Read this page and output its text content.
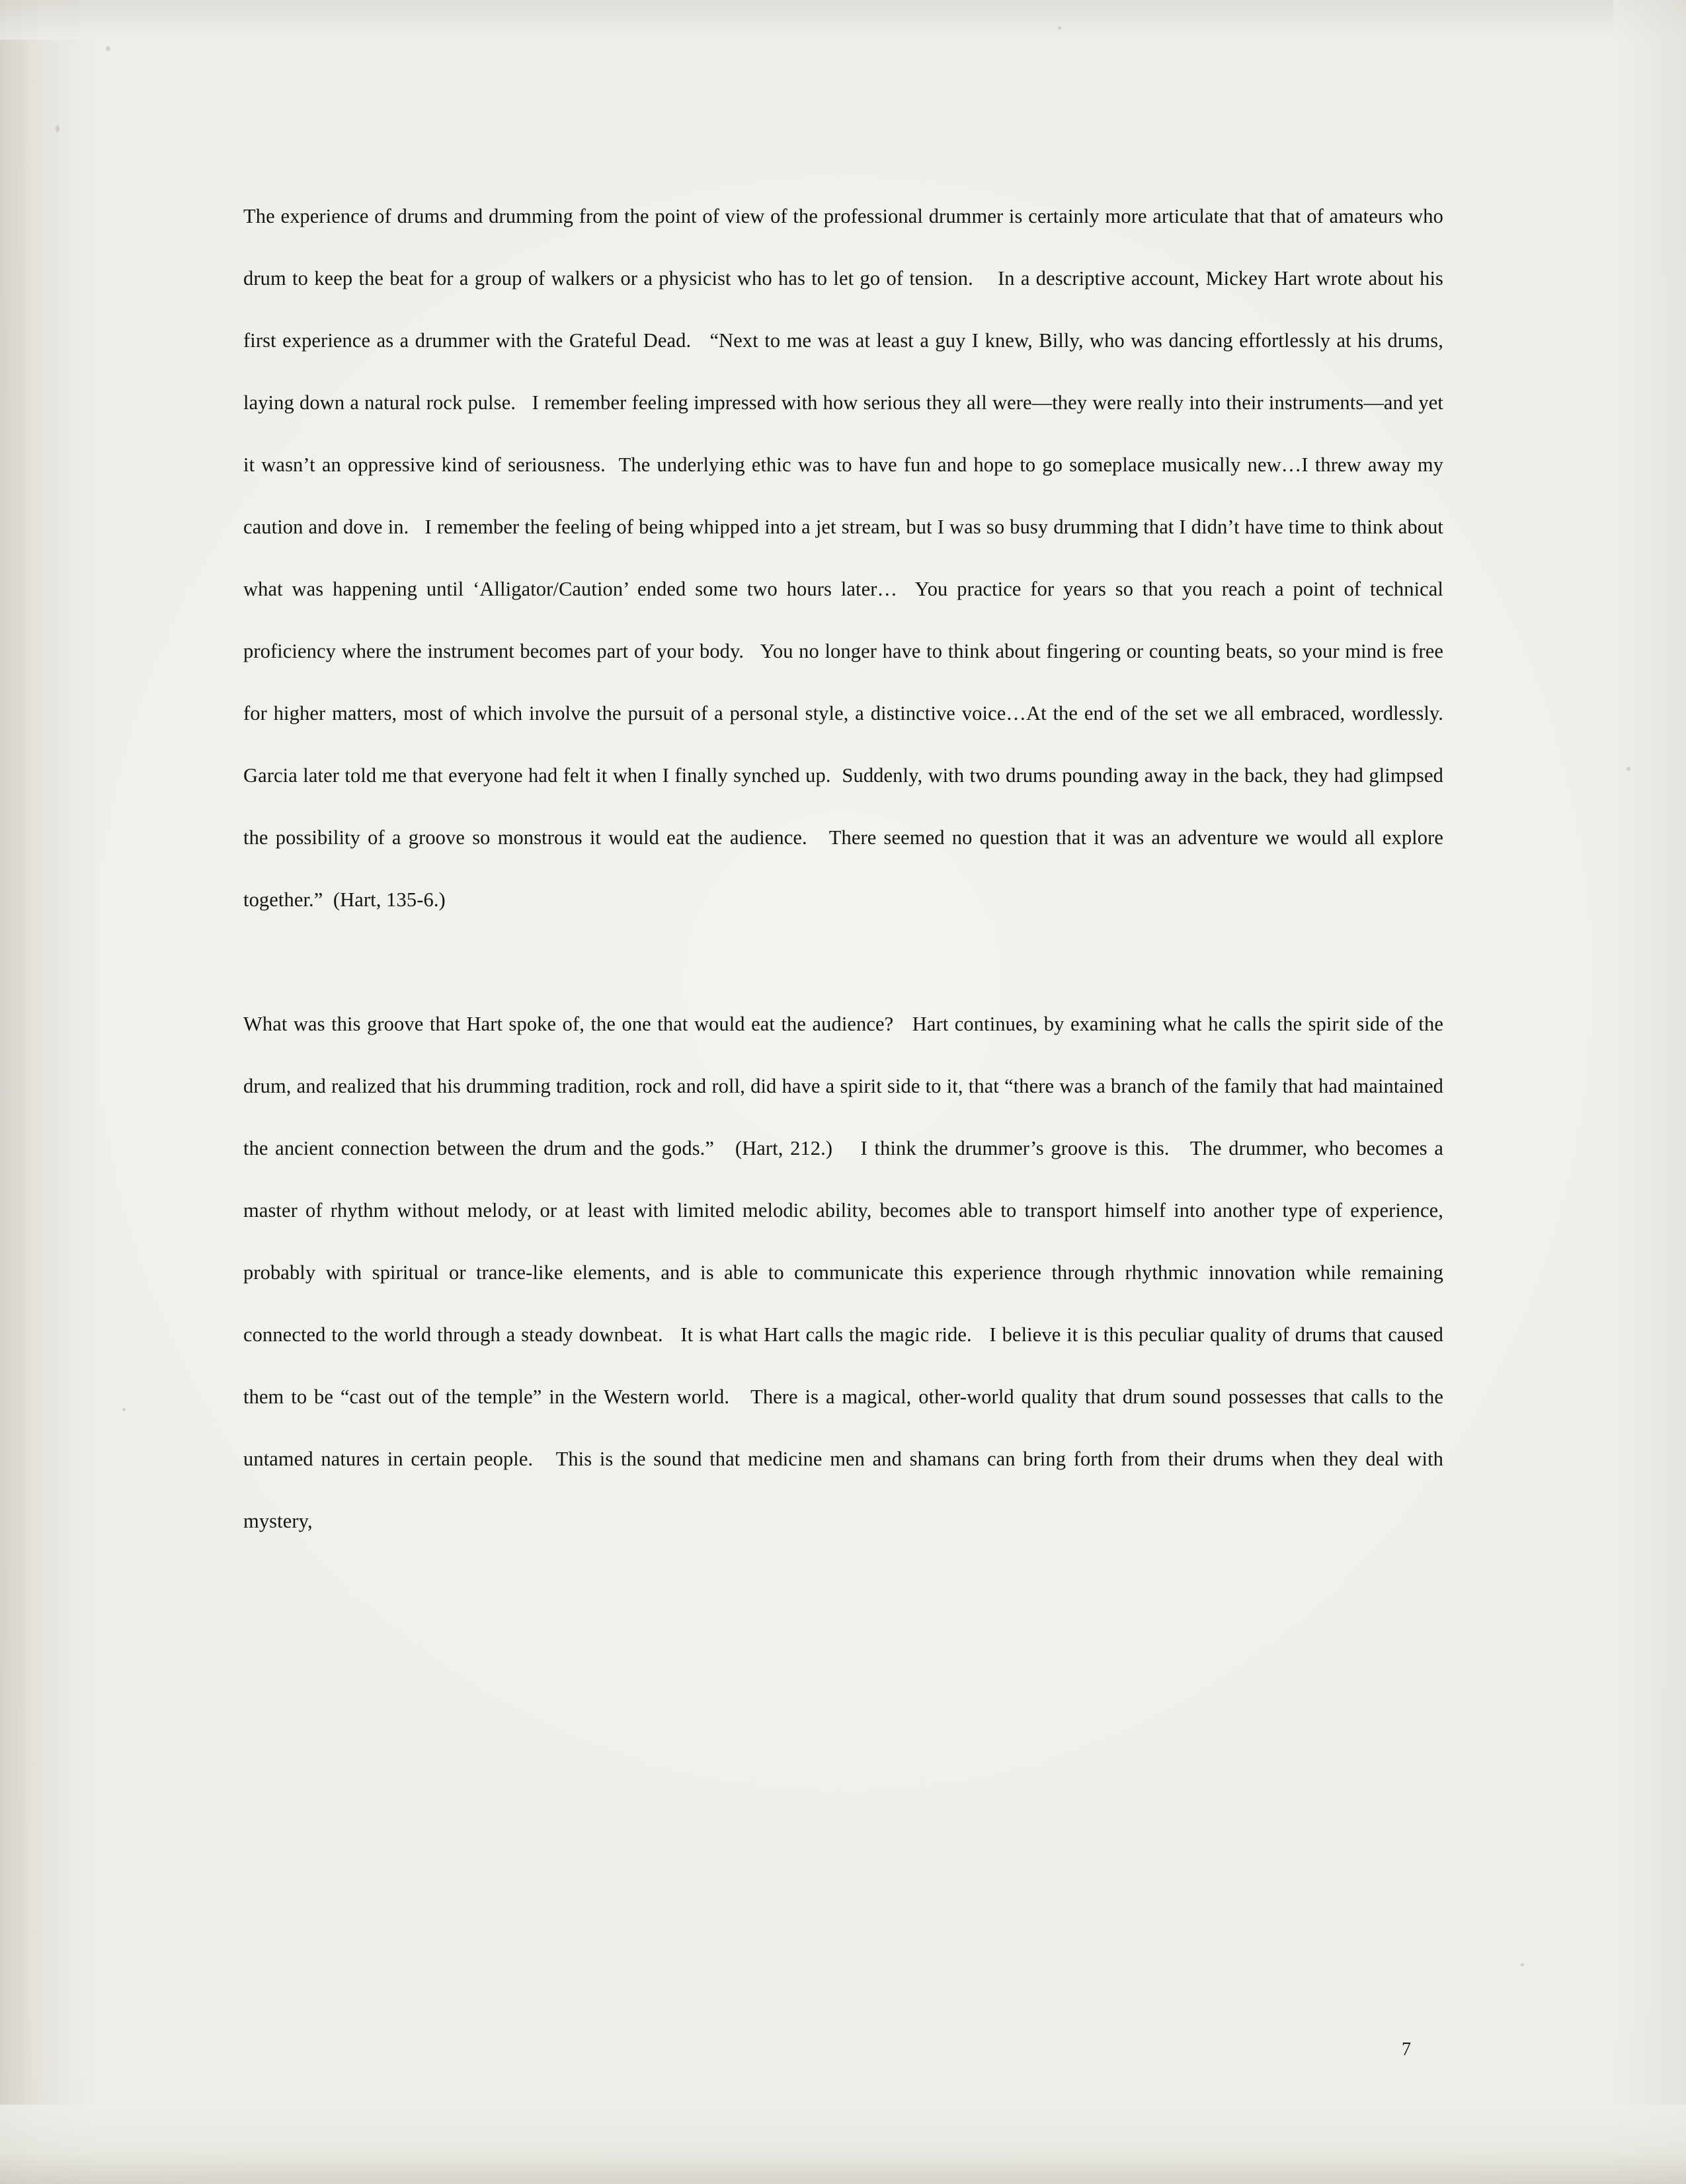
The experience of drums and drumming from the point of view of the professional drummer is certainly more articulate that that of amateurs who drum to keep the beat for a group of walkers or a physicist who has to let go of tension.    In a descriptive account, Mickey Hart wrote about his first experience as a drummer with the Grateful Dead.   “Next to me was at least a guy I knew, Billy, who was dancing effortlessly at his drums, laying down a natural rock pulse.   I remember feeling impressed with how serious they all were—they were really into their instruments—and yet it wasn’t an oppressive kind of seriousness.  The underlying ethic was to have fun and hope to go someplace musically new…I threw away my caution and dove in.   I remember the feeling of being whipped into a jet stream, but I was so busy drumming that I didn’t have time to think about what was happening until ‘Alligator/Caution’ ended some two hours later…  You practice for years so that you reach a point of technical proficiency where the instrument becomes part of your body.   You no longer have to think about fingering or counting beats, so your mind is free for higher matters, most of which involve the pursuit of a personal style, a distinctive voice…At the end of the set we all embraced, wordlessly.   Garcia later told me that everyone had felt it when I finally synched up.  Suddenly, with two drums pounding away in the back, they had glimpsed the possibility of a groove so monstrous it would eat the audience.   There seemed no question that it was an adventure we would all explore together.”  (Hart, 135-6.)

What was this groove that Hart spoke of, the one that would eat the audience?   Hart continues, by examining what he calls the spirit side of the drum, and realized that his drumming tradition, rock and roll, did have a spirit side to it, that “there was a branch of the family that had maintained the ancient connection between the drum and the gods.”   (Hart, 212.)    I think the drummer’s groove is this.   The drummer, who becomes a master of rhythm without melody, or at least with limited melodic ability, becomes able to transport himself into another type of experience, probably with spiritual or trance-like elements, and is able to communicate this experience through rhythmic innovation while remaining connected to the world through a steady downbeat.   It is what Hart calls the magic ride.   I believe it is this peculiar quality of drums that caused them to be “cast out of the temple” in the Western world.   There is a magical, other-world quality that drum sound possesses that calls to the untamed natures in certain people.   This is the sound that medicine men and shamans can bring forth from their drums when they deal with mystery,

7
